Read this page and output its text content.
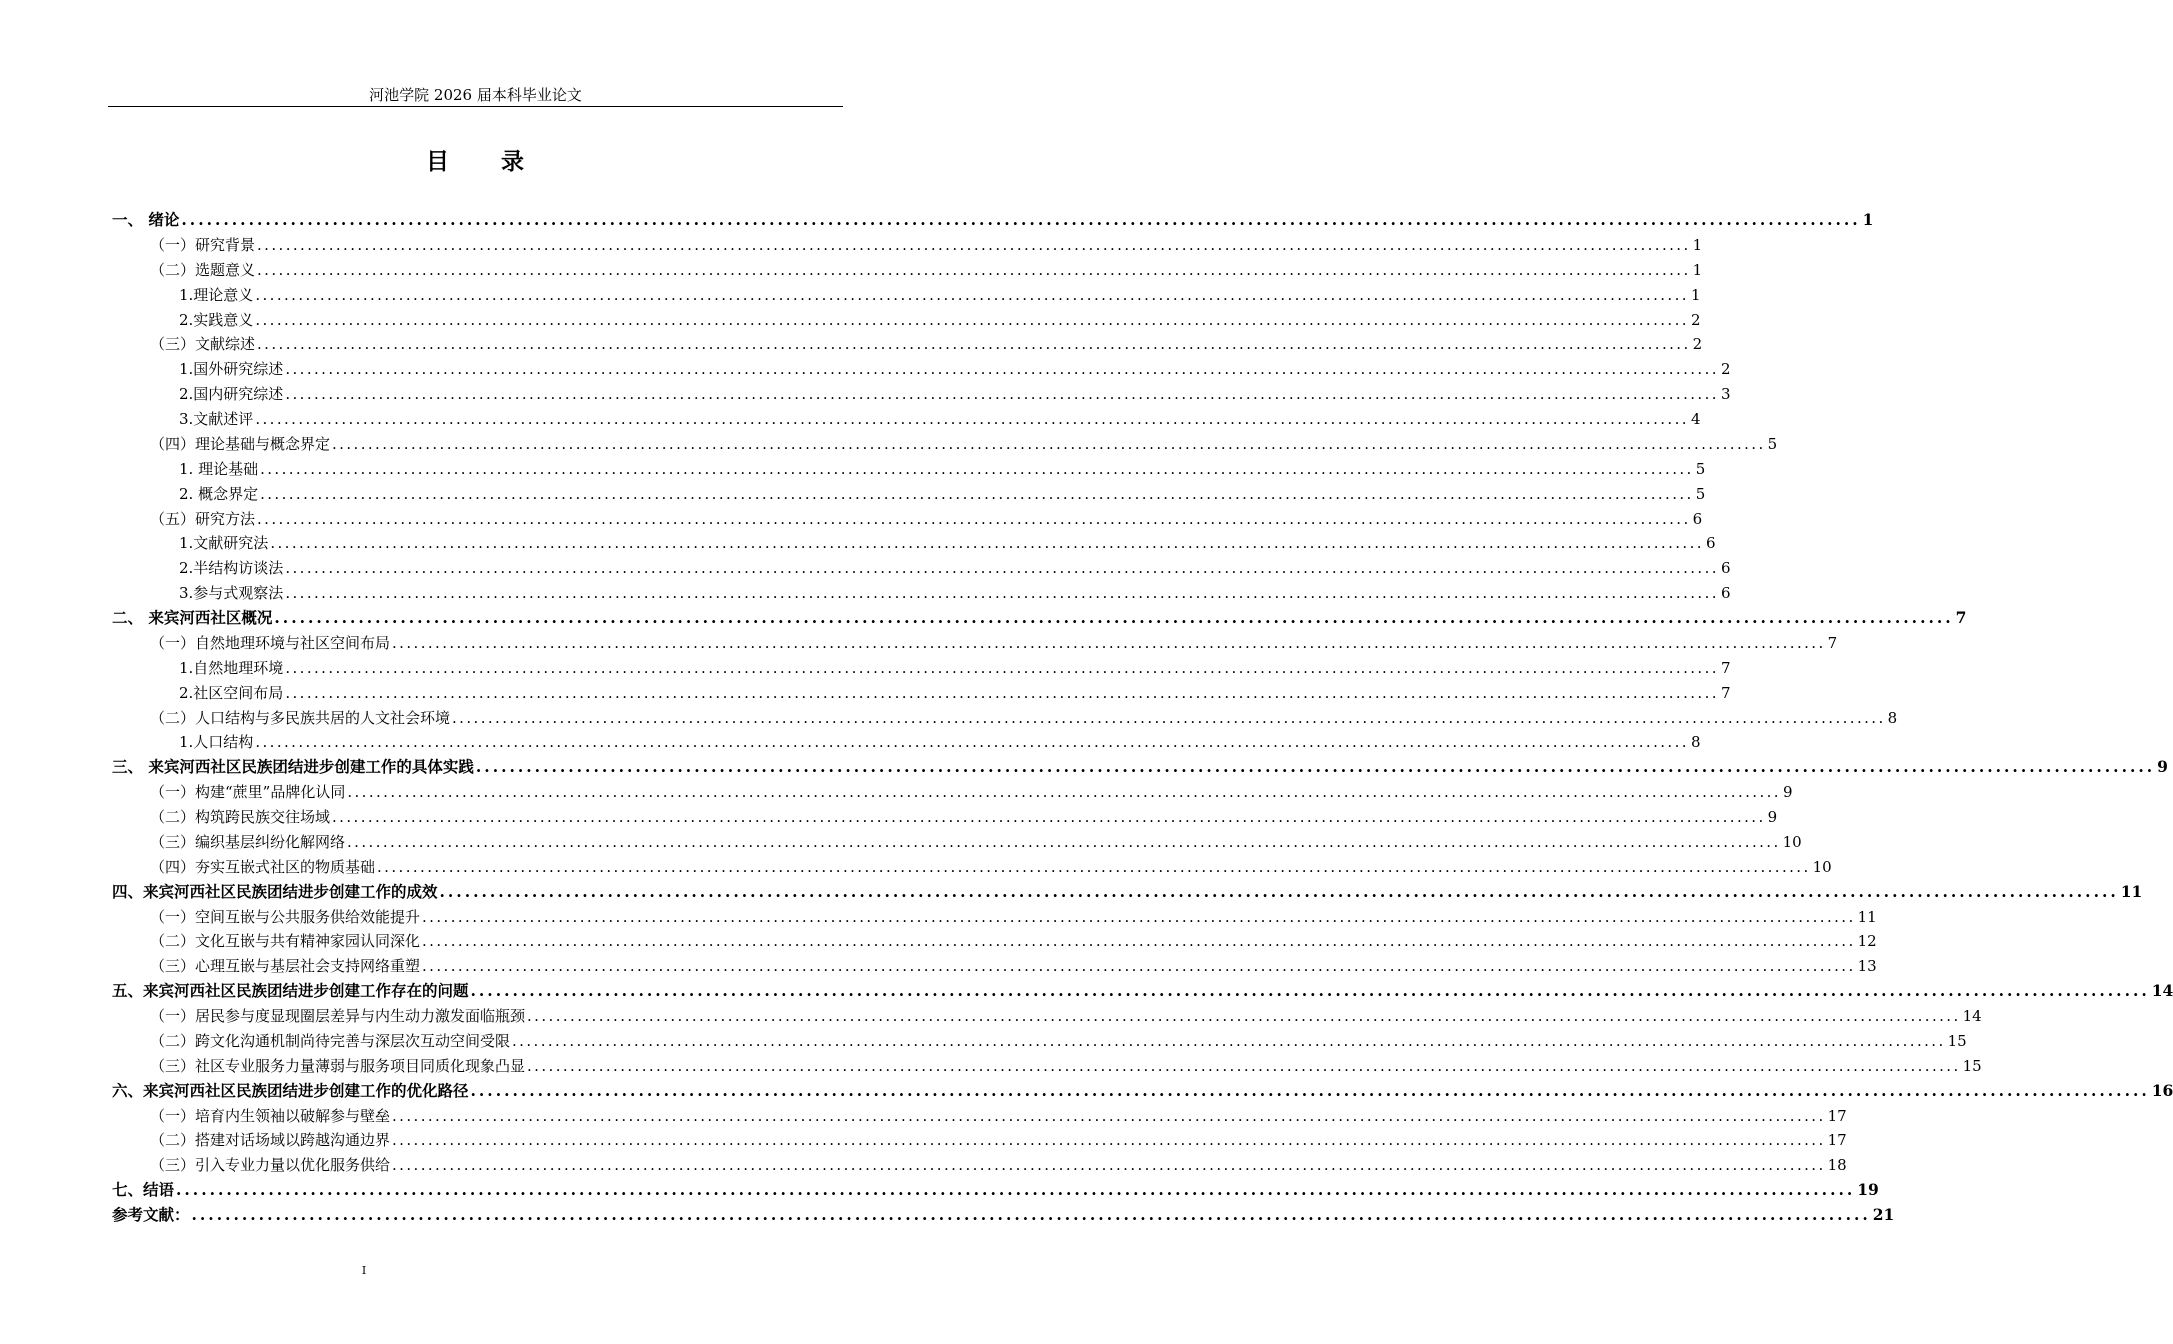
河池学院 2026 届本科毕业论文
目 录
一、 绪论 ........................................................................................................................................................................................................ 1
（一）研究背景 ........................................................................................................................................................................................................ 1
（二）选题意义 ........................................................................................................................................................................................................ 1
1.理论意义 ........................................................................................................................................................................................................ 1
2.实践意义 ........................................................................................................................................................................................................ 2
（三）文献综述 ........................................................................................................................................................................................................ 2
1.国外研究综述 ........................................................................................................................................................................................................ 2
2.国内研究综述 ........................................................................................................................................................................................................ 3
3.文献述评 ........................................................................................................................................................................................................ 4
（四）理论基础与概念界定 ........................................................................................................................................................................................................ 5
1. 理论基础 ........................................................................................................................................................................................................ 5
2. 概念界定 ........................................................................................................................................................................................................ 5
（五）研究方法 ........................................................................................................................................................................................................ 6
1.文献研究法 ........................................................................................................................................................................................................ 6
2.半结构访谈法 ........................................................................................................................................................................................................ 6
3.参与式观察法 ........................................................................................................................................................................................................ 6
二、 来宾河西社区概况 ........................................................................................................................................................................................................ 7
（一）自然地理环境与社区空间布局 ........................................................................................................................................................................................................ 7
1.自然地理环境 ........................................................................................................................................................................................................ 7
2.社区空间布局 ........................................................................................................................................................................................................ 7
（二）人口结构与多民族共居的人文社会环境 ........................................................................................................................................................................................................ 8
1.人口结构 ........................................................................................................................................................................................................ 8
三、 来宾河西社区民族团结进步创建工作的具体实践 ........................................................................................................................................................................................................ 9
（一）构建“蔗里”品牌化认同 ........................................................................................................................................................................................................ 9
（二）构筑跨民族交往场域 ........................................................................................................................................................................................................ 9
（三）编织基层纠纷化解网络 ........................................................................................................................................................................................................ 10
（四）夯实互嵌式社区的物质基础 ........................................................................................................................................................................................................ 10
四、来宾河西社区民族团结进步创建工作的成效 ........................................................................................................................................................................................................ 11
（一）空间互嵌与公共服务供给效能提升 ........................................................................................................................................................................................................ 11
（二）文化互嵌与共有精神家园认同深化 ........................................................................................................................................................................................................ 12
（三）心理互嵌与基层社会支持网络重塑 ........................................................................................................................................................................................................ 13
五、来宾河西社区民族团结进步创建工作存在的问题 ........................................................................................................................................................................................................ 14
（一）居民参与度显现圈层差异与内生动力激发面临瓶颈 ........................................................................................................................................................................................................ 14
（二）跨文化沟通机制尚待完善与深层次互动空间受限 ........................................................................................................................................................................................................ 15
（三）社区专业服务力量薄弱与服务项目同质化现象凸显 ........................................................................................................................................................................................................ 15
六、来宾河西社区民族团结进步创建工作的优化路径 ........................................................................................................................................................................................................ 16
（一）培育内生领袖以破解参与壁垒 ........................................................................................................................................................................................................ 17
（二）搭建对话场域以跨越沟通边界 ........................................................................................................................................................................................................ 17
（三）引入专业力量以优化服务供给 ........................................................................................................................................................................................................ 18
七、结语 ........................................................................................................................................................................................................ 19
参考文献： ........................................................................................................................................................................................................ 21
I
